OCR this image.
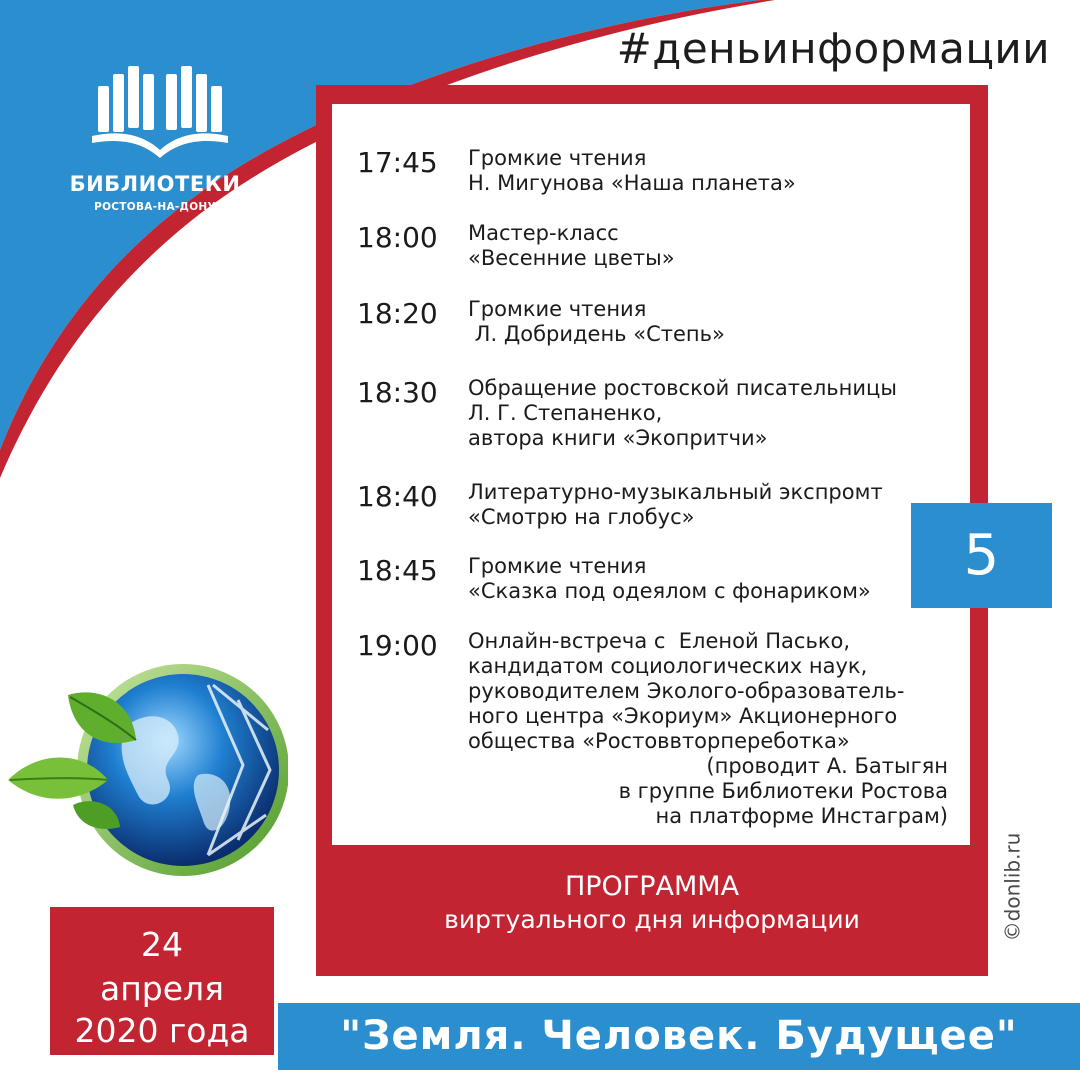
#деньинформации
БИБЛИОТЕКИ
РОСТОВА-НА-ДОНУ
17:45 Громкие чтения
Н. Мигунова «Наша планета»
18:00 Мастер-класс
«Весенние цветы»
18:20 Громкие чтения
Л. Добридень «Степь»
18:30 Обращение ростовской писательницы
Л. Г. Степаненко,
автора книги «Экопритчи»
18:40 Литературно-музыкальный экспромт
«Смотрю на глобус»
18:45 Громкие чтения
«Сказка под одеялом с фонариком»
19:00 Онлайн-встреча с  Еленой Пасько,
кандидатом социологических наук,
руководителем Эколого-образователь-
ного центра «Экориум» Акционерного
общества «Ростоввторпереботка»
(проводит А. Батыгян
в группе Библиотеки Ростова
на платформе Инстаграм)
ПРОГРАММА
виртуального дня информации
5
24
апреля
2020 года	"Земля. Человек. Будущее"
©donlib.ru
